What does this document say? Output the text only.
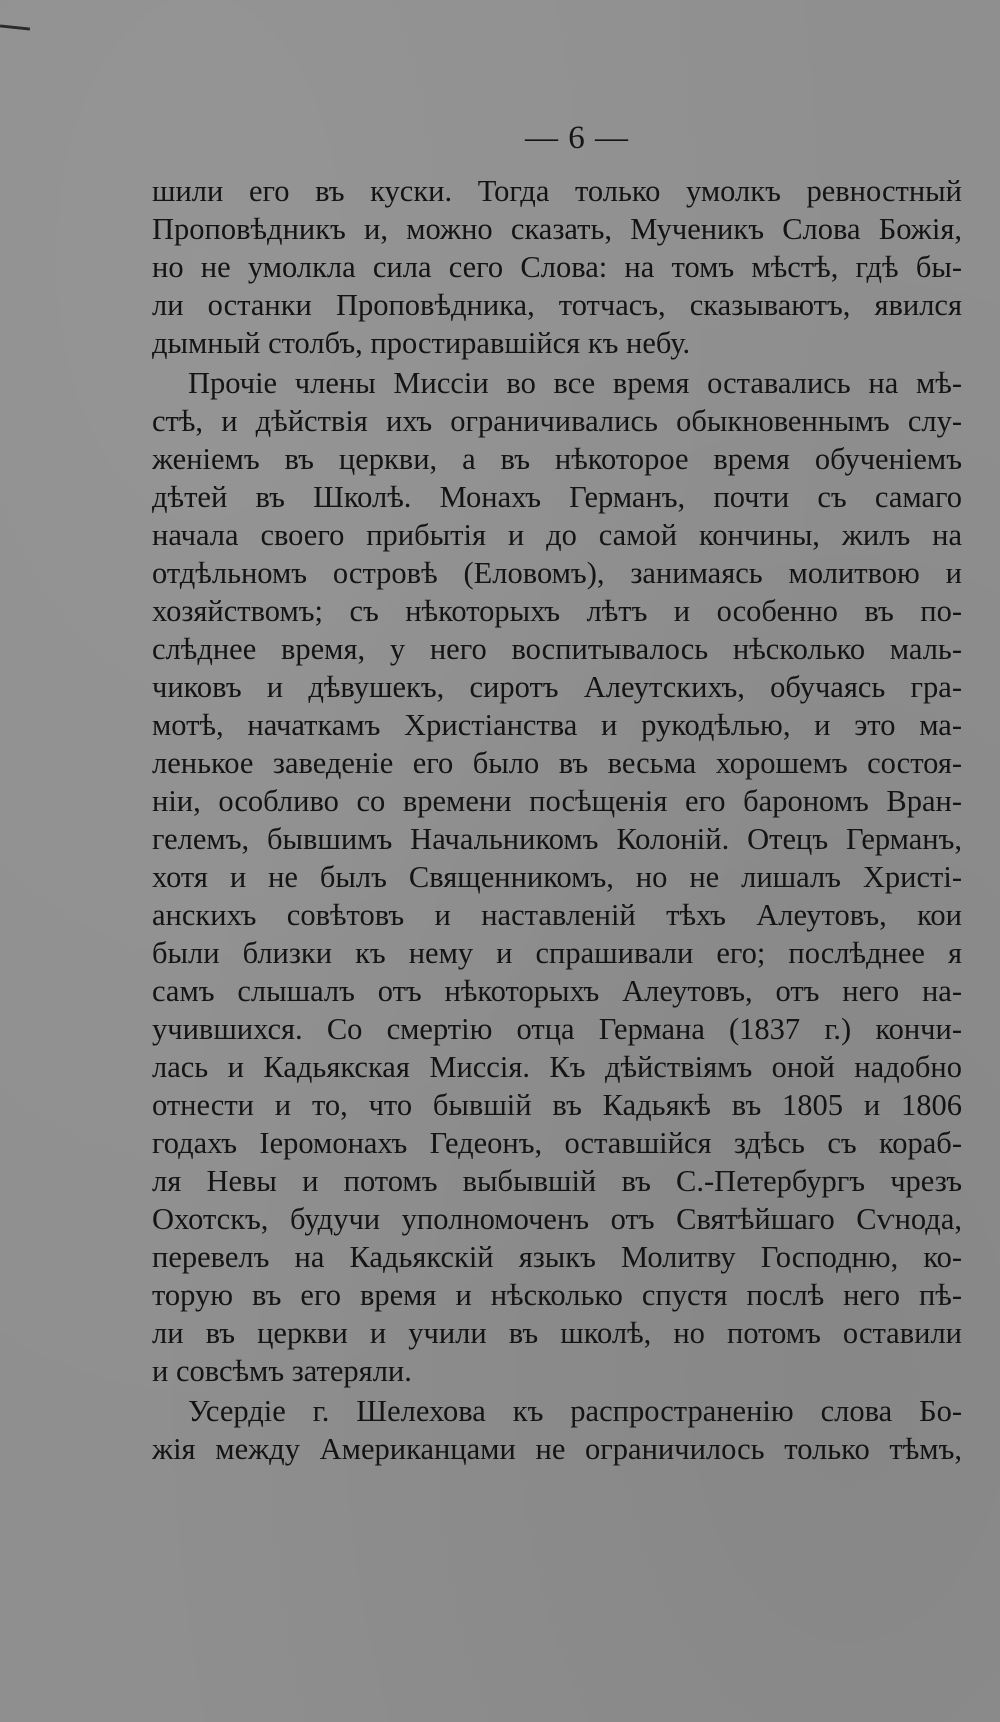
— 6 —
шили его въ куски. Тогда только умолкъ ревностный
Проповѣдникъ и, можно сказать, Мученикъ Слова Божія,
но не умолкла сила сего Слова: на томъ мѣстѣ, гдѣ бы-
ли останки Проповѣдника, тотчасъ, сказываютъ, явился
дымный столбъ, простиравшійся къ небу.
Прочіе члены Миссіи во все время оставались на мѣ-
стѣ, и дѣйствія ихъ ограничивались обыкновеннымъ слу-
женіемъ въ церкви, а въ нѣкоторое время обученіемъ
дѣтей въ Школѣ. Монахъ Германъ, почти съ самаго
начала своего прибытія и до самой кончины, жилъ на
отдѣльномъ островѣ (Еловомъ), занимаясь молитвою и
хозяйствомъ; съ нѣкоторыхъ лѣтъ и особенно въ по-
слѣднее время, у него воспитывалось нѣсколько маль-
чиковъ и дѣвушекъ, сиротъ Алеутскихъ, обучаясь гра-
мотѣ, начаткамъ Христіанства и рукодѣлью, и это ма-
ленькое заведеніе его было въ весьма хорошемъ состоя-
ніи, особливо со времени посѣщенія его барономъ Вран-
гелемъ, бывшимъ Начальникомъ Колоній. Отецъ Германъ,
хотя и не былъ Священникомъ, но не лишалъ Христі-
анскихъ совѣтовъ и наставленій тѣхъ Алеутовъ, кои
были близки къ нему и спрашивали его; послѣднее я
самъ слышалъ отъ нѣкоторыхъ Алеутовъ, отъ него на-
учившихся. Со смертію отца Германа (1837 г.) кончи-
лась и Кадьякская Миссія. Къ дѣйствіямъ оной надобно
отнести и то, что бывшій въ Кадьякѣ въ 1805 и 1806
годахъ Іеромонахъ Гедеонъ, оставшійся здѣсь съ кораб-
ля Невы и потомъ выбывшій въ С.-Петербургъ чрезъ
Охотскъ, будучи уполномоченъ отъ Святѣйшаго Сѵнода,
перевелъ на Кадьякскій языкъ Молитву Господню, ко-
торую въ его время и нѣсколько спустя послѣ него пѣ-
ли въ церкви и учили въ школѣ, но потомъ оставили
и совсѣмъ затеряли.
Усердіе г. Шелехова къ распространенію слова Бо-
жія между Американцами не ограничилось только тѣмъ,
